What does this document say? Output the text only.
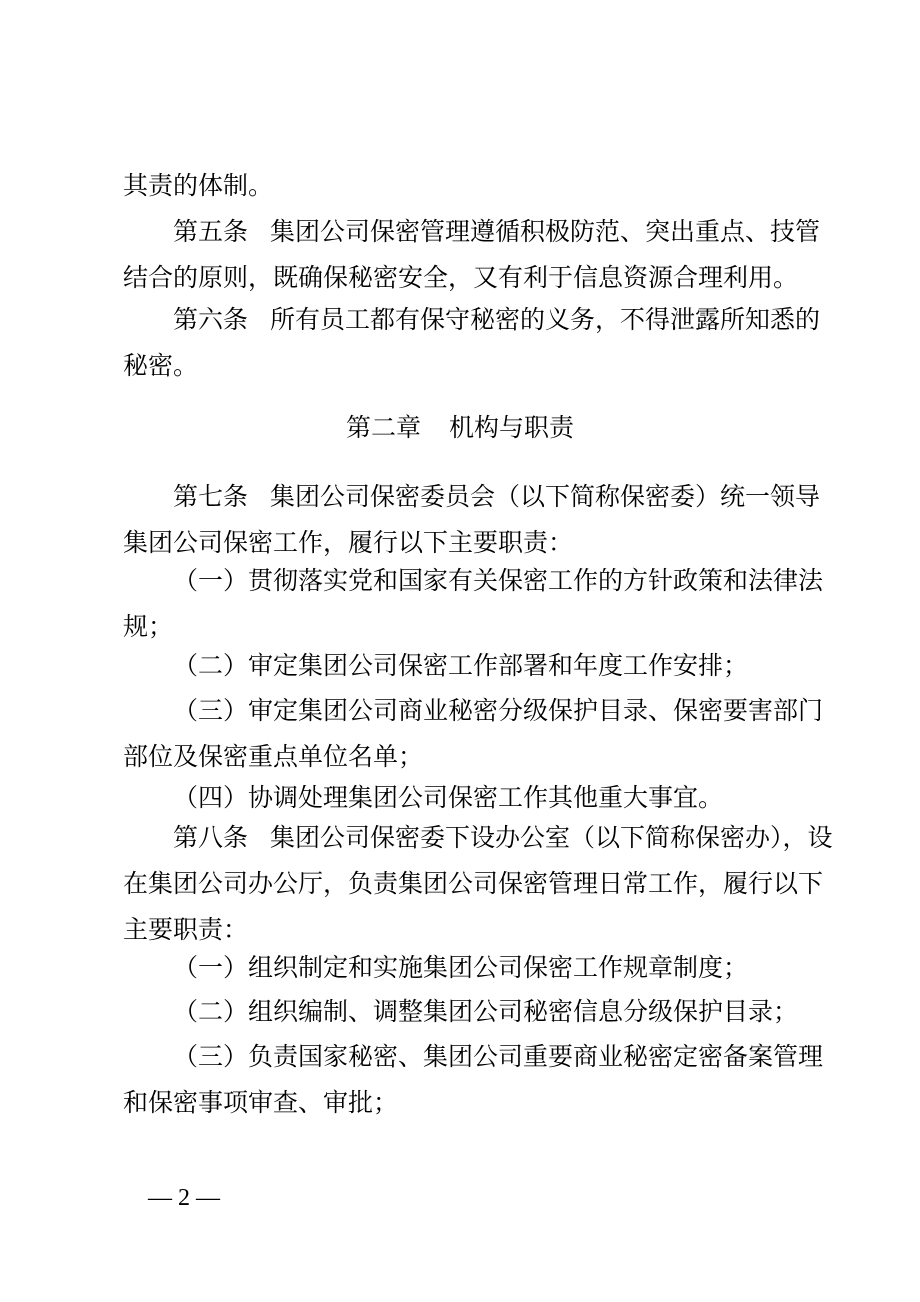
其责的体制。
第五条 集团公司保密管理遵循积极防范、突出重点、技管
结合的原则，既确保秘密安全，又有利于信息资源合理利用。
第六条 所有员工都有保守秘密的义务，不得泄露所知悉的
秘密。
第二章 机构与职责
第七条 集团公司保密委员会（以下简称保密委）统一领导
集团公司保密工作，履行以下主要职责：
（一）贯彻落实党和国家有关保密工作的方针政策和法律法
规；
（二）审定集团公司保密工作部署和年度工作安排；
（三）审定集团公司商业秘密分级保护目录、保密要害部门
部位及保密重点单位名单；
（四）协调处理集团公司保密工作其他重大事宜。
第八条 集团公司保密委下设办公室（以下简称保密办），设
在集团公司办公厅，负责集团公司保密管理日常工作，履行以下
主要职责：
（一）组织制定和实施集团公司保密工作规章制度；
（二）组织编制、调整集团公司秘密信息分级保护目录；
（三）负责国家秘密、集团公司重要商业秘密定密备案管理
和保密事项审查、审批；
— 2 —
